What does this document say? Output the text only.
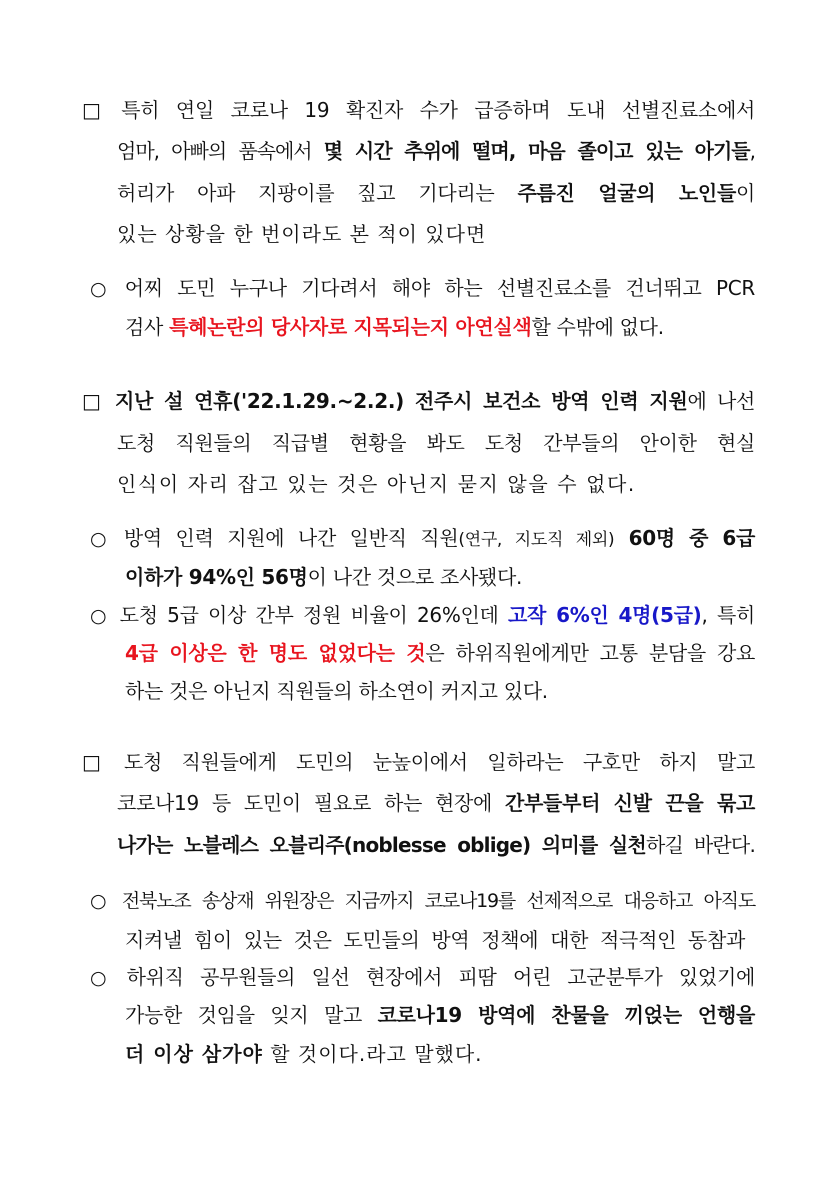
□ 특히 연일 코로나 19 확진자 수가 급증하며 도내 선별진료소에서
엄마, 아빠의 품속에서 몇 시간 추위에 떨며, 마음 졸이고 있는 아기들,
허리가 아파 지팡이를 짚고 기다리는 주름진 얼굴의 노인들이
있는 상황을 한 번이라도 본 적이 있다면
○ 어찌 도민 누구나 기다려서 해야 하는 선별진료소를 건너뛰고 PCR
검사 특혜논란의 당사자로 지목되는지 아연실색할 수밖에 없다.
□ 지난 설 연휴('22.1.29.~2.2.) 전주시 보건소 방역 인력 지원에 나선
도청 직원들의 직급별 현황을 봐도 도청 간부들의 안이한 현실
인식이 자리 잡고 있는 것은 아닌지 묻지 않을 수 없다.
○ 방역 인력 지원에 나간 일반직 직원(연구, 지도직 제외) 60명 중 6급
이하가 94%인 56명이 나간 것으로 조사됐다.
○ 도청 5급 이상 간부 정원 비율이 26%인데 고작 6%인 4명(5급), 특히
4급 이상은 한 명도 없었다는 것은 하위직원에게만 고통 분담을 강요
하는 것은 아닌지 직원들의 하소연이 커지고 있다.
□ 도청 직원들에게 도민의 눈높이에서 일하라는 구호만 하지 말고
코로나19 등 도민이 필요로 하는 현장에 간부들부터 신발 끈을 묶고
나가는 노블레스 오블리주(noblesse oblige) 의미를 실천하길 바란다.
○ 전북노조 송상재 위원장은 지금까지 코로나19를 선제적으로 대응하고 아직도
지켜낼 힘이 있는 것은 도민들의 방역 정책에 대한 적극적인 동참과
○ 하위직 공무원들의 일선 현장에서 피땀 어린 고군분투가 있었기에
가능한 것임을 잊지 말고 코로나19 방역에 찬물을 끼얹는 언행을
더 이상 삼가야 할 것이다.라고 말했다.
